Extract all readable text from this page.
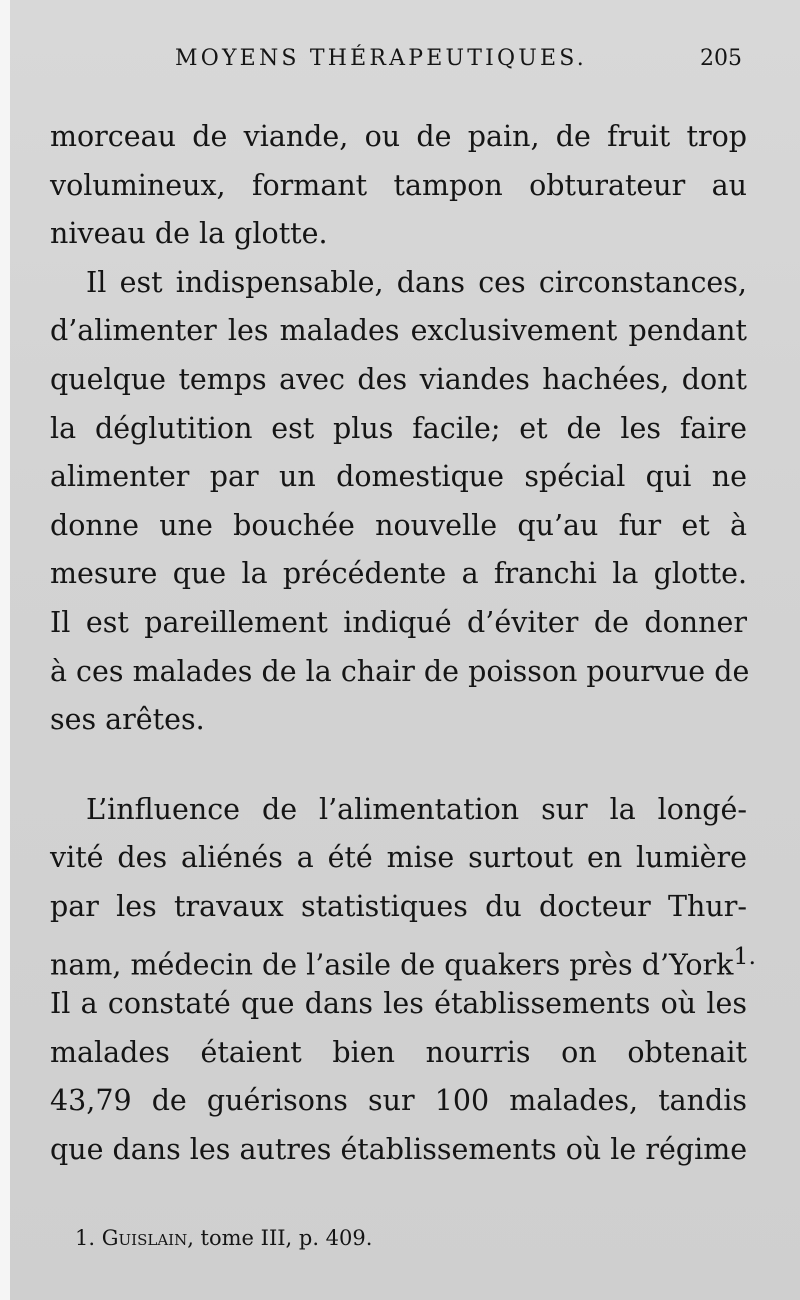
MOYENS THÉRAPEUTIQUES.	205
morceau de viande, ou de pain, de fruit trop
volumineux, formant tampon obturateur au
niveau de la glotte.
Il est indispensable, dans ces circonstances,
d’alimenter les malades exclusivement pendant
quelque temps avec des viandes hachées, dont
la déglutition est plus facile; et de les faire
alimenter par un domestique spécial qui ne
donne une bouchée nouvelle qu’au fur et à
mesure que la précédente a franchi la glotte.
Il est pareillement indiqué d’éviter de donner
à ces malades de la chair de poisson pourvue de
ses arêtes.
L’influence de l’alimentation sur la longé-
vité des aliénés a été mise surtout en lumière
par les travaux statistiques du docteur Thur-
nam, médecin de l’asile de quakers près d’York$^{1.}$
Il a constaté que dans les établissements où les
malades étaient bien nourris on obtenait
43,79 de guérisons sur 100 malades, tandis
que dans les autres établissements où le régime
1. Guislain, tome III, p. 409.
